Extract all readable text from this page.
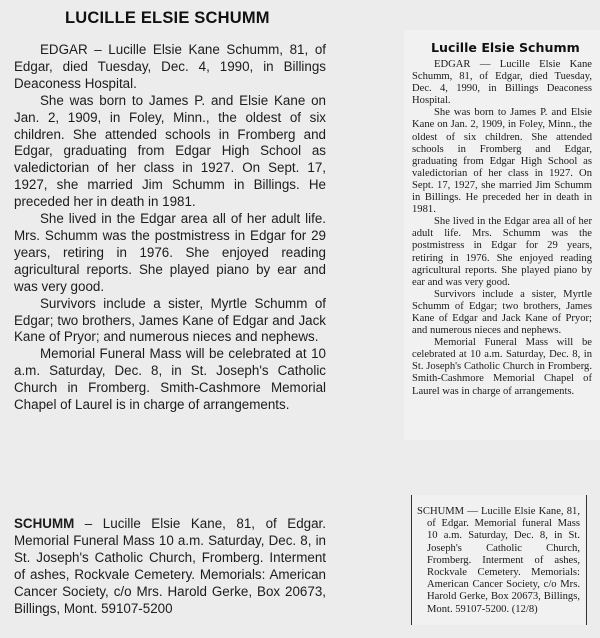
LUCILLE ELSIE SCHUMM

EDGAR – Lucille Elsie Kane Schumm, 81, of Edgar, died Tuesday, Dec. 4, 1990, in Billings Deaconess Hospital.

She was born to James P. and Elsie Kane on Jan. 2, 1909, in Foley, Minn., the oldest of six children. She attended schools in Fromberg and Edgar, graduating from Edgar High School as valedictorian of her class in 1927. On Sept. 17, 1927, she married Jim Schumm in Billings. He preceded her in death in 1981.

She lived in the Edgar area all of her adult life. Mrs. Schumm was the postmistress in Edgar for 29 years, retiring in 1976. She enjoyed reading agricultural reports. She played piano by ear and was very good.

Survivors include a sister, Myrtle Schumm of Edgar; two brothers, James Kane of Edgar and Jack Kane of Pryor; and numerous nieces and nephews.

Memorial Funeral Mass will be celebrated at 10 a.m. Saturday, Dec. 8, in St. Joseph's Catholic Church in Fromberg. Smith-Cashmore Memorial Chapel of Laurel is in charge of arrangements.

SCHUMM – Lucille Elsie Kane, 81, of Edgar. Memorial Funeral Mass 10 a.m. Saturday, Dec. 8, in St. Joseph's Catholic Church, Fromberg. Interment of ashes, Rockvale Cemetery. Memorials: American Cancer Society, c/o Mrs. Harold Gerke, Box 20673, Billings, Mont. 59107-5200

Lucille Elsie Schumm

EDGAR — Lucille Elsie Kane Schumm, 81, of Edgar, died Tuesday, Dec. 4, 1990, in Billings Deaconess Hospital.

She was born to James P. and Elsie Kane on Jan. 2, 1909, in Foley, Minn., the oldest of six children. She attended schools in Fromberg and Edgar, graduating from Edgar High School as valedictorian of her class in 1927. On Sept. 17, 1927, she married Jim Schumm in Billings. He preceded her in death in 1981.

She lived in the Edgar area all of her adult life. Mrs. Schumm was the postmistress in Edgar for 29 years, retiring in 1976. She enjoyed reading agricultural reports. She played piano by ear and was very good.

Survivors include a sister, Myrtle Schumm of Edgar; two brothers, James Kane of Edgar and Jack Kane of Pryor; and numerous nieces and nephews.

Memorial Funeral Mass will be celebrated at 10 a.m. Saturday, Dec. 8, in St. Joseph's Catholic Church in Fromberg. Smith-Cashmore Memorial Chapel of Laurel was in charge of arrangements.

SCHUMM — Lucille Elsie Kane, 81, of Edgar. Memorial funeral Mass 10 a.m. Saturday, Dec. 8, in St. Joseph's Catholic Church, Fromberg. Interment of ashes, Rockvale Cemetery. Memorials: American Cancer Society, c/o Mrs. Harold Gerke, Box 20673, Billings, Mont. 59107-5200. (12/8)
